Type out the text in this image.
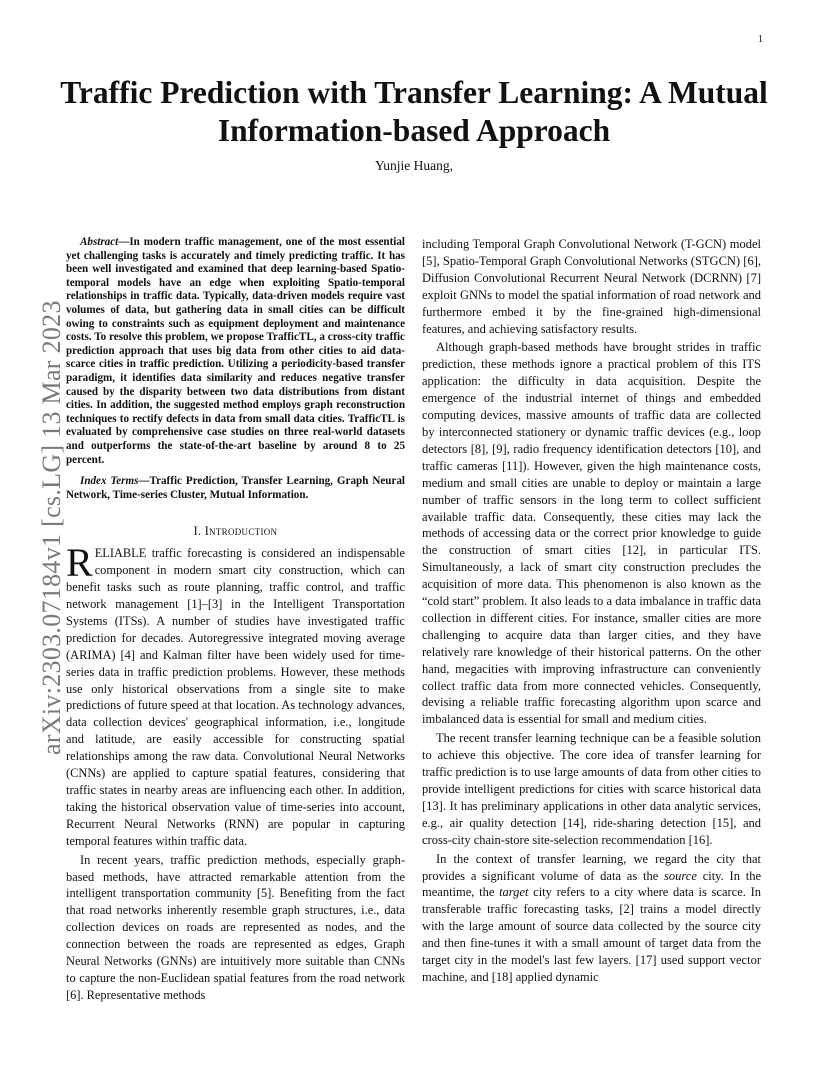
1
arXiv:2303.07184v1 [cs.LG] 13 Mar 2023
Traffic Prediction with Transfer Learning: A Mutual Information-based Approach
Yunjie Huang,

Abstract—In modern traffic management, one of the most essential yet challenging tasks is accurately and timely predicting traffic. It has been well investigated and examined that deep learning-based Spatio-temporal models have an edge when exploiting Spatio-temporal relationships in traffic data. Typically, data-driven models require vast volumes of data, but gathering data in small cities can be difficult owing to constraints such as equipment deployment and maintenance costs. To resolve this problem, we propose TrafficTL, a cross-city traffic prediction approach that uses big data from other cities to aid data-scarce cities in traffic prediction. Utilizing a periodicity-based transfer paradigm, it identifies data similarity and reduces negative transfer caused by the disparity between two data distributions from distant cities. In addition, the suggested method employs graph reconstruction techniques to rectify defects in data from small data cities. TrafficTL is evaluated by comprehensive case studies on three real-world datasets and outperforms the state-of-the-art baseline by around 8 to 25 percent.

Index Terms—Traffic Prediction, Transfer Learning, Graph Neural Network, Time-series Cluster, Mutual Information.

I. Introduction

RELIABLE traffic forecasting is considered an indispensable component in modern smart city construction, which can benefit tasks such as route planning, traffic control, and traffic network management [1]–[3] in the Intelligent Transportation Systems (ITSs). A number of studies have investigated traffic prediction for decades. Autoregressive integrated moving average (ARIMA) [4] and Kalman filter have been widely used for time-series data in traffic prediction problems. However, these methods use only historical observations from a single site to make predictions of future speed at that location. As technology advances, data collection devices' geographical information, i.e., longitude and latitude, are easily accessible for constructing spatial relationships among the raw data. Convolutional Neural Networks (CNNs) are applied to capture spatial features, considering that traffic states in nearby areas are influencing each other. In addition, taking the historical observation value of time-series into account, Recurrent Neural Networks (RNN) are popular in capturing temporal features within traffic data.

In recent years, traffic prediction methods, especially graph-based methods, have attracted remarkable attention from the intelligent transportation community [5]. Benefiting from the fact that road networks inherently resemble graph structures, i.e., data collection devices on roads are represented as nodes, and the connection between the roads are represented as edges, Graph Neural Networks (GNNs) are intuitively more suitable than CNNs to capture the non-Euclidean spatial features from the road network [6]. Representative methods

including Temporal Graph Convolutional Network (T-GCN) model [5], Spatio-Temporal Graph Convolutional Networks (STGCN) [6], Diffusion Convolutional Recurrent Neural Network (DCRNN) [7] exploit GNNs to model the spatial information of road network and furthermore embed it by the fine-grained high-dimensional features, and achieving satisfactory results.

Although graph-based methods have brought strides in traffic prediction, these methods ignore a practical problem of this ITS application: the difficulty in data acquisition. Despite the emergence of the industrial internet of things and embedded computing devices, massive amounts of traffic data are collected by interconnected stationery or dynamic traffic devices (e.g., loop detectors [8], [9], radio frequency identification detectors [10], and traffic cameras [11]). However, given the high maintenance costs, medium and small cities are unable to deploy or maintain a large number of traffic sensors in the long term to collect sufficient available traffic data. Consequently, these cities may lack the methods of accessing data or the correct prior knowledge to guide the construction of smart cities [12], in particular ITS. Simultaneously, a lack of smart city construction precludes the acquisition of more data. This phenomenon is also known as the “cold start” problem. It also leads to a data imbalance in traffic data collection in different cities. For instance, smaller cities are more challenging to acquire data than larger cities, and they have relatively rare knowledge of their historical patterns. On the other hand, megacities with improving infrastructure can conveniently collect traffic data from more connected vehicles. Consequently, devising a reliable traffic forecasting algorithm upon scarce and imbalanced data is essential for small and medium cities.

The recent transfer learning technique can be a feasible solution to achieve this objective. The core idea of transfer learning for traffic prediction is to use large amounts of data from other cities to provide intelligent predictions for cities with scarce historical data [13]. It has preliminary applications in other data analytic services, e.g., air quality detection [14], ride-sharing detection [15], and cross-city chain-store site-selection recommendation [16].

In the context of transfer learning, we regard the city that provides a significant volume of data as the source city. In the meantime, the target city refers to a city where data is scarce. In transferable traffic forecasting tasks, [2] trains a model directly with the large amount of source data collected by the source city and then fine-tunes it with a small amount of target data from the target city in the model's last few layers. [17] used support vector machine, and [18] applied dynamic
